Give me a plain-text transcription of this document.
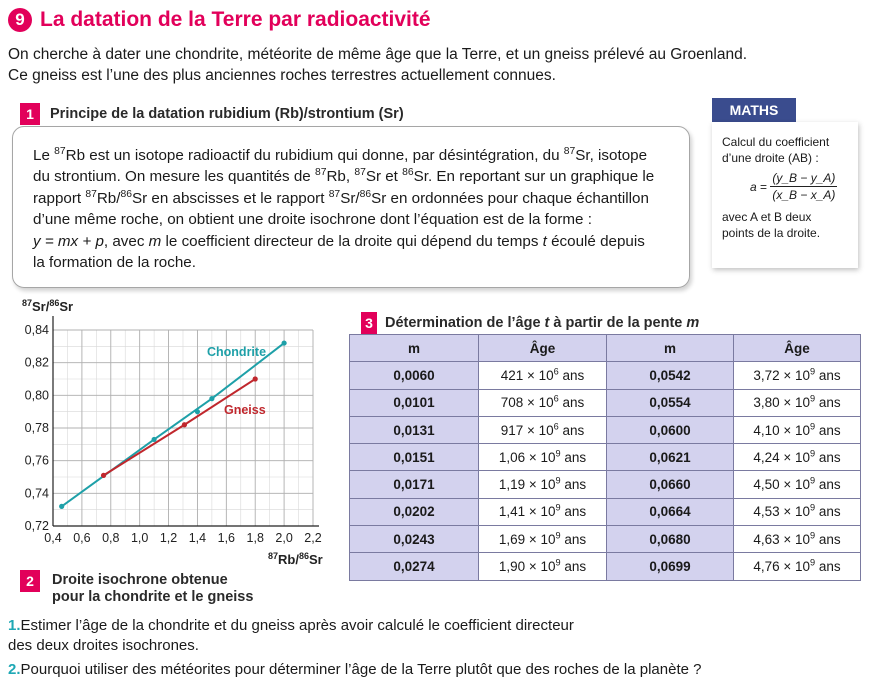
9 La datation de la Terre par radioactivité
On cherche à dater une chondrite, météorite de même âge que la Terre, et un gneiss prélevé au Groenland.
Ce gneiss est l’une des plus anciennes roches terrestres actuellement connues.
1	Principe de la datation rubidium (Rb)/strontium (Sr)

Le $^{87}$Rb est un isotope radioactif du rubidium qui donne, par désintégration, du $^{87}$Sr, isotope

du strontium. On mesure les quantités de $^{87}$Rb, $^{87}$Sr et $^{86}$Sr. En reportant sur un graphique le

rapport $^{87}$Rb/$^{86}$Sr en abscisses et le rapport $^{87}$Sr/$^{86}$Sr en ordonnées pour chaque échantillon

d’une même roche, on obtient une droite isochrone dont l’équation est de la forme :

y = mx + p, avec m le coefficient directeur de la droite qui dépend du temps t écoulé depuis

la formation de la roche.

MATHS
Calcul du coefficient
d’une droite (AB) :
a
=
$\frac{(y\_B - y\_A)}{(x\_B - x\_A)}$
avec A et B deux
points de la droite.
0,4 0,6 0,8 1,0 1,2 1,4 1,6 1,8 2,0 2,2
0,72
0,74
0,76
0,78
0,80
0,82
0,84
$^{87}$Sr/$^{86}$Sr
$^{87}$Rb/$^{86}$Sr
Chondrite
Gneiss
2	Droite isochrone obtenue
pour la chondrite et le gneiss
3 Détermination de l’âge t à partir de la pente m
m	Âge	m	Âge
0,0060	$421 \times 10^6$ ans	0,0542	$3,72 \times 10^9$ ans
0,0101	$708 \times 10^6$ ans	0,0554	$3,80 \times 10^9$ ans
0,0131	$917 \times 10^6$ ans	0,0600	$4,10 \times 10^9$ ans
0,0151	$1,06 \times 10^9$ ans	0,0621	$4,24 \times 10^9$ ans
0,0171	$1,19 \times 10^9$ ans	0,0660	$4,50 \times 10^9$ ans
0,0202	$1,41 \times 10^9$ ans	0,0664	$4,53 \times 10^9$ ans
0,0243	$1,69 \times 10^9$ ans	0,0680	$4,63 \times 10^9$ ans
0,0274	$1,90 \times 10^9$ ans	0,0699	$4,76 \times 10^9$ ans
1.Estimer l’âge de la chondrite et du gneiss après avoir calculé le coefficient directeur
des deux droites isochrones.
2.Pourquoi utiliser des météorites pour déterminer l’âge de la Terre plutôt que des roches de la planète ?
